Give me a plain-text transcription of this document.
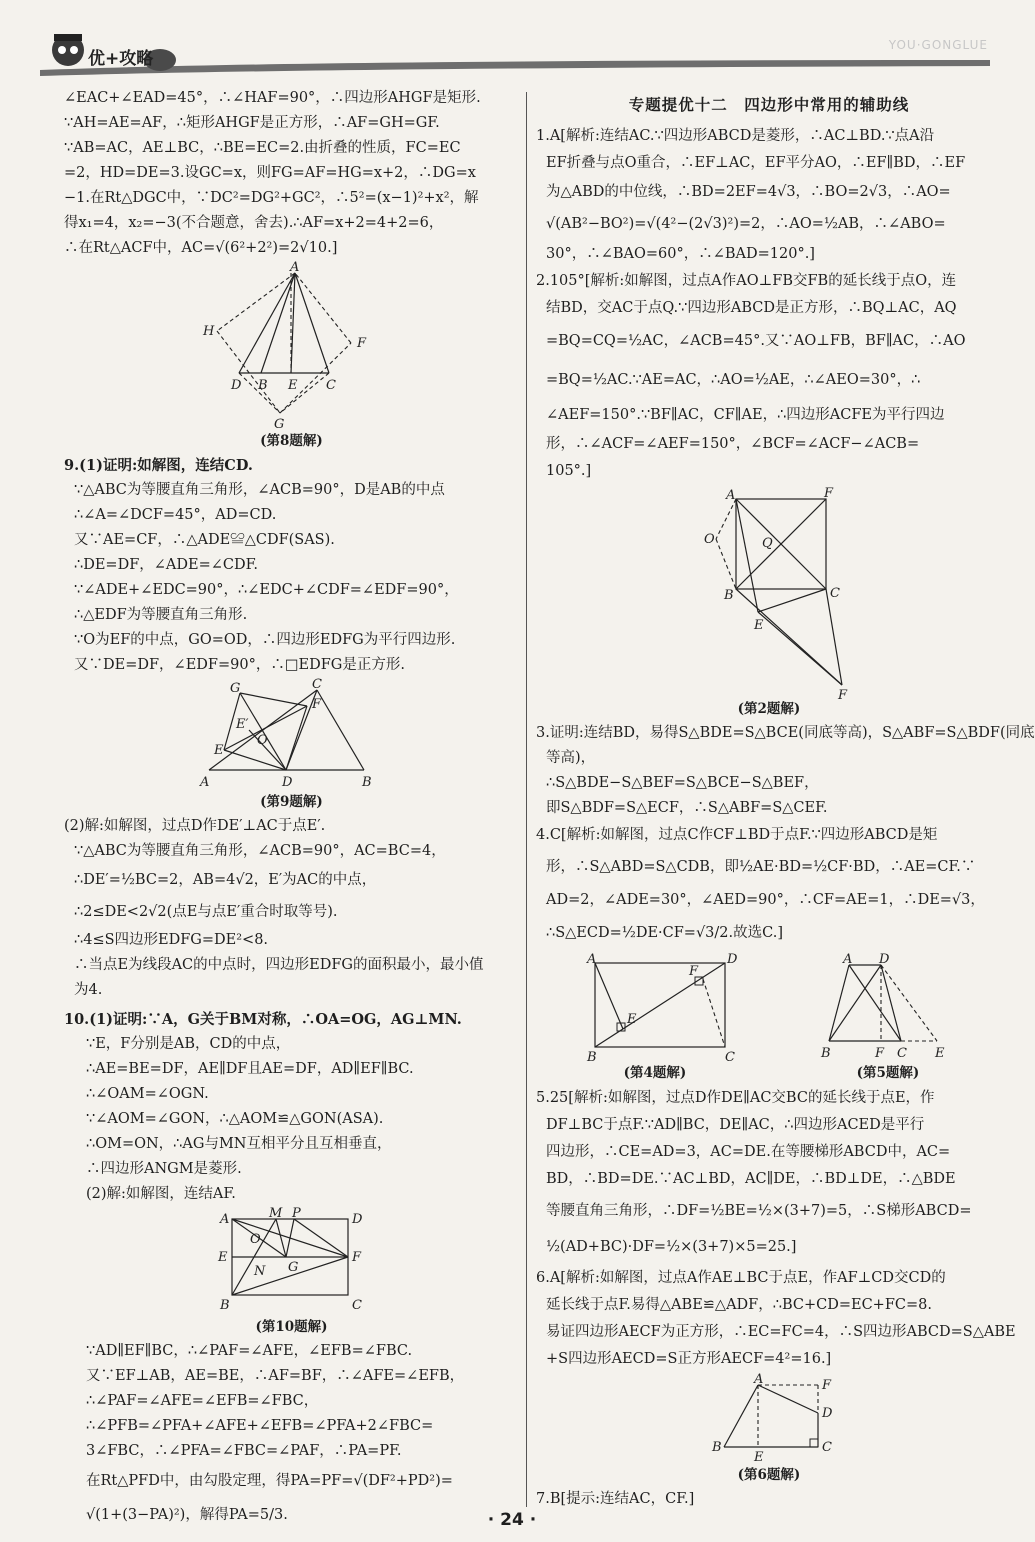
优+攻略
YOU·GONGLUE
∠EAC+∠EAD=45°，∴∠HAF=90°，∴四边形AHGF是矩形.
∵AH=AE=AF，∴矩形AHGF是正方形，∴AF=GH=GF.
∵AB=AC，AE⊥BC，∴BE=EC=2.由折叠的性质，FC=EC
=2，HD=DE=3.设GC=x，则FG=AF=HG=x+2，∴DG=x
−1.在Rt△DGC中，∵DC²=DG²+GC²，∴5²=(x−1)²+x²，解
得x₁=4，x₂=−3(不合题意，舍去).∴AF=x+2=4+2=6，
∴在Rt△ACF中，AC=√(6²+2²)=2√10.]
A
H
F
D B E C
G
(第8题解)
9.(1)证明:如解图，连结CD.
∵△ABC为等腰直角三角形，∠ACB=90°，D是AB的中点
∴∠A=∠DCF=45°，AD=CD.
又∵AE=CF，∴△ADE≌△CDF(SAS).
∴DE=DF，∠ADE=∠CDF.
∵∠ADE+∠EDC=90°，∴∠EDC+∠CDF=∠EDF=90°，
∴△EDF为等腰直角三角形.
∵O为EF的中点，GO=OD，∴四边形EDFG为平行四边形.
又∵DE=DF，∠EDF=90°，∴□EDFG是正方形.
G	C
F
E′
E
O
A	D	B
(第9题解)
(2)解:如解图，过点D作DE′⊥AC于点E′.
∵△ABC为等腰直角三角形，∠ACB=90°，AC=BC=4，
∴DE′=½BC=2，AB=4√2，E′为AC的中点，
∴2≤DE<2√2(点E与点E′重合时取等号).
∴4≤S四边形EDFG=DE²<8.
∴当点E为线段AC的中点时，四边形EDFG的面积最小，最小值
为4.
10.(1)证明:∵A，G关于BM对称，∴OA=OG，AG⊥MN.
∵E，F分别是AB，CD的中点，
∴AE=BE=DF，AE∥DF且AE=DF，AD∥EF∥BC.
∴∠OAM=∠OGN.
∵∠AOM=∠GON，∴△AOM≌△GON(ASA).
∴OM=ON，∴AG与MN互相平分且互相垂直，
∴四边形ANGM是菱形.
(2)解:如解图，连结AF.
A	M P	D
O
E	F
N G
B	C
(第10题解)
∵AD∥EF∥BC，∴∠PAF=∠AFE，∠EFB=∠FBC.
又∵EF⊥AB，AE=BE，∴AF=BF，∴∠AFE=∠EFB，
∴∠PAF=∠AFE=∠EFB=∠FBC，
∴∠PFB=∠PFA+∠AFE+∠EFB=∠PFA+2∠FBC=
3∠FBC，∴∠PFA=∠FBC=∠PAF，∴PA=PF.
在Rt△PFD中，由勾股定理，得PA=PF=√(DF²+PD²)=
√(1+(3−PA)²)，解得PA=5/3.
专题提优十二　四边形中常用的辅助线
1.A[解析:连结AC.∵四边形ABCD是菱形，∴AC⊥BD.∵点A沿
EF折叠与点O重合，∴EF⊥AC，EF平分AO，∴EF∥BD，∴EF
为△ABD的中位线，∴BD=2EF=4√3，∴BO=2√3，∴AO=
√(AB²−BO²)=√(4²−(2√3)²)=2，∴AO=½AB，∴∠ABO=
30°，∴∠BAO=60°，∴∠BAD=120°.]
2.105°[解析:如解图，过点A作AO⊥FB交FB的延长线于点O，连
结BD，交AC于点Q.∵四边形ABCD是正方形，∴BQ⊥AC，AQ
=BQ=CQ=½AC，∠ACB=45°.又∵AO⊥FB，BF∥AC，∴AO
=BQ=½AC.∵AE=AC，∴AO=½AE，∴∠AEO=30°，∴
∠AEF=150°.∵BF∥AC，CF∥AE，∴四边形ACFE为平行四边
形，∴∠ACF=∠AEF=150°，∠BCF=∠ACF−∠ACB=
105°.]
A	F
O	Q
B	C
E
F
(第2题解)
3.证明:连结BD，易得S△BDE=S△BCE(同底等高)，S△ABF=S△BDF(同底
等高)，
∴S△BDE−S△BEF=S△BCE−S△BEF，
即S△BDF=S△ECF，∴S△ABF=S△CEF.
4.C[解析:如解图，过点C作CF⊥BD于点F.∵四边形ABCD是矩
形，∴S△ABD=S△CDB，即½AE·BD=½CF·BD，∴AE=CF.∵
AD=2，∠ADE=30°，∠AED=90°，∴CF=AE=1，∴DE=√3，
∴S△ECD=½DE·CF=√3/2.故选C.]
A	D
F
E
B	C
(第4题解)
A D
B	F C E
(第5题解)
5.25[解析:如解图，过点D作DE∥AC交BC的延长线于点E，作
DF⊥BC于点F.∵AD∥BC，DE∥AC，∴四边形ACED是平行
四边形，∴CE=AD=3，AC=DE.在等腰梯形ABCD中，AC=
BD，∴BD=DE.∵AC⊥BD，AC∥DE，∴BD⊥DE，∴△BDE
等腰直角三角形，∴DF=½BE=½×(3+7)=5，∴S梯形ABCD=
½(AD+BC)·DF=½×(3+7)×5=25.]
6.A[解析:如解图，过点A作AE⊥BC于点E，作AF⊥CD交CD的
延长线于点F.易得△ABE≌△ADF，∴BC+CD=EC+FC=8.
易证四边形AECF为正方形，∴EC=FC=4，∴S四边形ABCD=S△ABE
+S四边形AECD=S正方形AECF=4²=16.]
A	F
D
B
E
C
(第6题解)
7.B[提示:连结AC，CF.]
· 24 ·
